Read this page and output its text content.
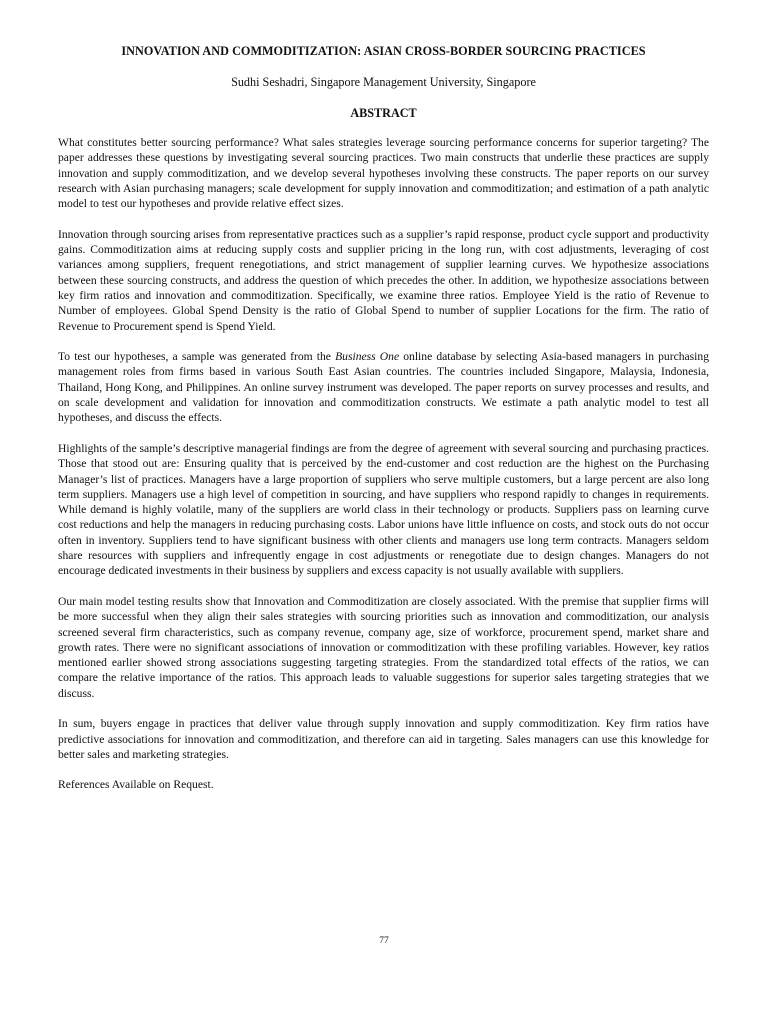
INNOVATION AND COMMODITIZATION: ASIAN CROSS-BORDER SOURCING PRACTICES
Sudhi Seshadri, Singapore Management University, Singapore
ABSTRACT

What constitutes better sourcing performance? What sales strategies leverage sourcing performance concerns for superior targeting? The paper addresses these questions by investigating several sourcing practices. Two main constructs that underlie these practices are supply innovation and supply commoditization, and we develop several hypotheses involving these constructs. The paper reports on our survey research with Asian purchasing managers; scale development for supply innovation and commoditization; and estimation of a path analytic model to test our hypotheses and provide relative effect sizes.

Innovation through sourcing arises from representative practices such as a supplier’s rapid response, product cycle support and productivity gains. Commoditization aims at reducing supply costs and supplier pricing in the long run, with cost adjustments, leveraging of cost variances among suppliers, frequent renegotiations, and strict management of supplier learning curves. We hypothesize associations between these sourcing constructs, and address the question of which precedes the other. In addition, we hypothesize associations between key firm ratios and innovation and commoditization. Specifically, we examine three ratios. Employee Yield is the ratio of Revenue to Number of employees. Global Spend Density is the ratio of Global Spend to number of supplier Locations for the firm. The ratio of Revenue to Procurement spend is Spend Yield.

To test our hypotheses, a sample was generated from the Business One online database by selecting Asia-based managers in purchasing management roles from firms based in various South East Asian countries. The countries included Singapore, Malaysia, Indonesia, Thailand, Hong Kong, and Philippines. An online survey instrument was developed. The paper reports on survey processes and results, and on scale development and validation for innovation and commoditization constructs. We estimate a path analytic model to test all hypotheses, and discuss the effects.

Highlights of the sample’s descriptive managerial findings are from the degree of agreement with several sourcing and purchasing practices. Those that stood out are: Ensuring quality that is perceived by the end-customer and cost reduction are the highest on the Purchasing Manager’s list of practices. Managers have a large proportion of suppliers who serve multiple customers, but a large percent are also long term suppliers. Managers use a high level of competition in sourcing, and have suppliers who respond rapidly to changes in requirements. While demand is highly volatile, many of the suppliers are world class in their technology or products. Suppliers pass on learning curve cost reductions and help the managers in reducing purchasing costs. Labor unions have little influence on costs, and stock outs do not occur often in inventory. Suppliers tend to have significant business with other clients and managers use long term contracts. Managers seldom share resources with suppliers and infrequently engage in cost adjustments or renegotiate due to design changes. Managers do not encourage dedicated investments in their business by suppliers and excess capacity is not usually available with suppliers.

Our main model testing results show that Innovation and Commoditization are closely associated. With the premise that supplier firms will be more successful when they align their sales strategies with sourcing priorities such as innovation and commoditization, our analysis screened several firm characteristics, such as company revenue, company age, size of workforce, procurement spend, market share and growth rates. There were no significant associations of innovation or commoditization with these profiling variables. However, key ratios mentioned earlier showed strong associations suggesting targeting strategies. From the standardized total effects of the ratios, we can compare the relative importance of the ratios. This approach leads to valuable suggestions for superior sales targeting strategies that we discuss.

In sum, buyers engage in practices that deliver value through supply innovation and supply commoditization. Key firm ratios have predictive associations for innovation and commoditization, and therefore can aid in targeting. Sales managers can use this knowledge for better sales and marketing strategies.

References Available on Request.

77
